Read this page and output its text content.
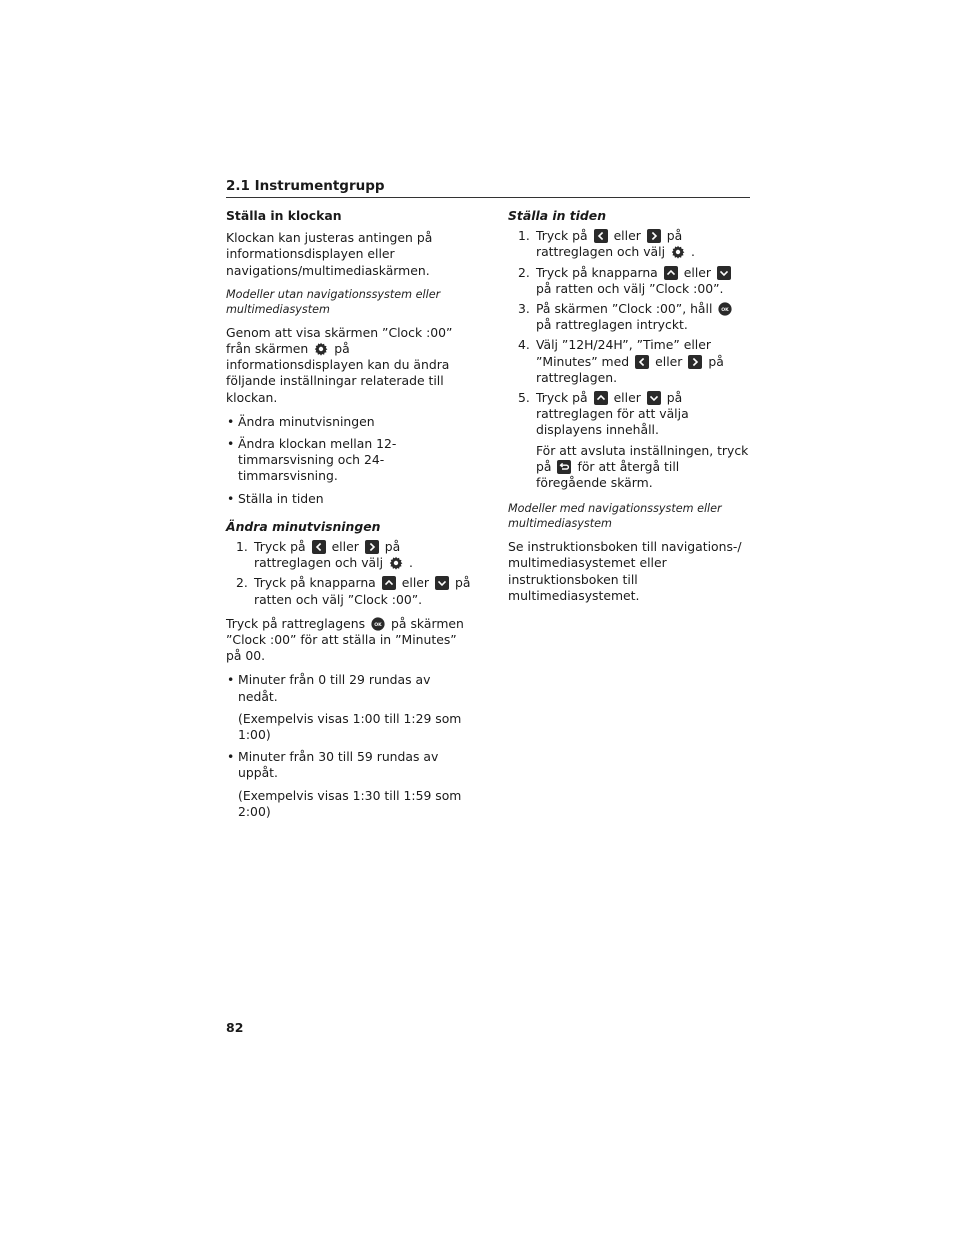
2.1 Instrumentgrupp

Ställa in klockan

Klockan kan justeras antingen på informationsdisplayen eller navigations/multimediaskärmen.

Modeller utan navigationssystem eller multimediasystem

Genom att visa skärmen ”Clock :00” från skärmen på informationsdisplayen kan du ändra följande inställningar relaterade till klockan.

• Ändra minutvisningen
• Ändra klockan mellan 12-timmarsvisning och 24-timmarsvisning.
• Ställa in tiden

Ändra minutvisningen

1. Tryck på eller på rattreglagen och välj .
2. Tryck på knapparna eller på ratten och välj ”Clock :00”.

Tryck på rattreglagens OK på skärmen ”Clock :00” för att ställa in ”Minutes” på 00.

• Minuter från 0 till 29 rundas av nedåt.
(Exempelvis visas 1:00 till 1:29 som 1:00)
• Minuter från 30 till 59 rundas av uppåt.
(Exempelvis visas 1:30 till 1:59 som 2:00)

Ställa in tiden

1. Tryck på eller på rattreglagen och välj .
2. Tryck på knapparna eller
på ratten och välj ”Clock :00”.
3. På skärmen ”Clock :00”, håll OK
på rattreglagen intryckt.
4. Välj ”12H/24H”, ”Time” eller ”Minutes” med eller på rattreglagen.
5. Tryck på eller på rattreglagen för att välja displayens innehåll.
För att avsluta inställningen, tryck på för att återgå till föregående skärm.

Modeller med navigationssystem eller multimediasystem

Se instruktionsboken till navigations-/ multimediasystemet eller instruktionsboken till multimediasystemet.

82
